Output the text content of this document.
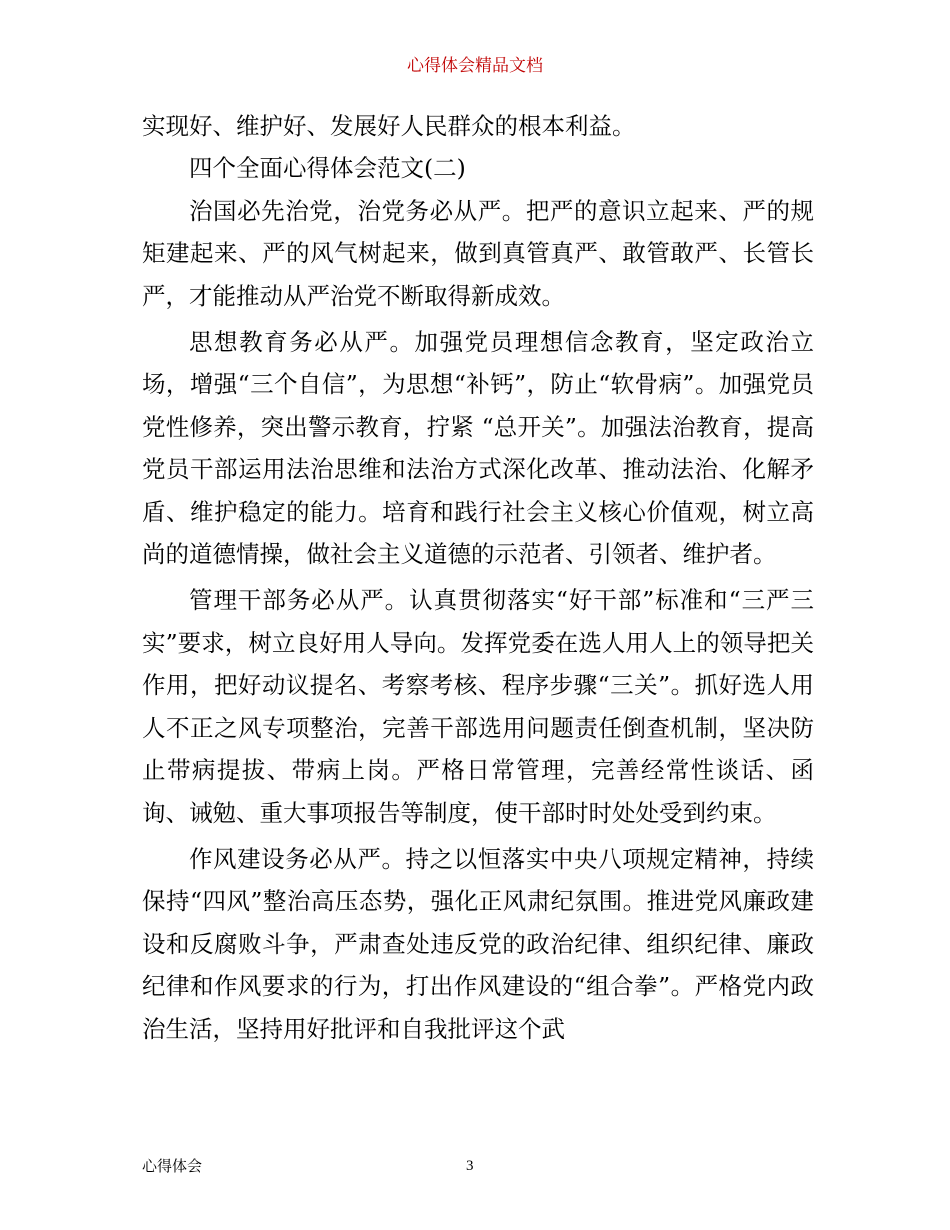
心得体会精品文档

实现好、维护好、发展好人民群众的根本利益。

四个全面心得体会范文(二)

治国必先治党，治党务必从严。把严的意识立起来、严的规矩建起来、严的风气树起来，做到真管真严、敢管敢严、长管长严，才能推动从严治党不断取得新成效。

思想教育务必从严。加强党员理想信念教育，坚定政治立场，增强“三个自信”，为思想“补钙”，防止“软骨病”。加强党员党性修养，突出警示教育，拧紧 “总开关”。加强法治教育，提高党员干部运用法治思维和法治方式深化改革、推动法治、化解矛盾、维护稳定的能力。培育和践行社会主义核心价值观，树立高尚的道德情操，做社会主义道德的示范者、引领者、维护者。

管理干部务必从严。认真贯彻落实“好干部”标准和“三严三实”要求，树立良好用人导向。发挥党委在选人用人上的领导把关作用，把好动议提名、考察考核、程序步骤“三关”。抓好选人用人不正之风专项整治，完善干部选用问题责任倒查机制，坚决防止带病提拔、带病上岗。严格日常管理，完善经常性谈话、函询、诫勉、重大事项报告等制度，使干部时时处处受到约束。

作风建设务必从严。持之以恒落实中央八项规定精神，持续保持“四风”整治高压态势，强化正风肃纪氛围。推进党风廉政建设和反腐败斗争，严肃查处违反党的政治纪律、组织纪律、廉政纪律和作风要求的行为，打出作风建设的“组合拳”。严格党内政治生活，坚持用好批评和自我批评这个武

心得体会	3
